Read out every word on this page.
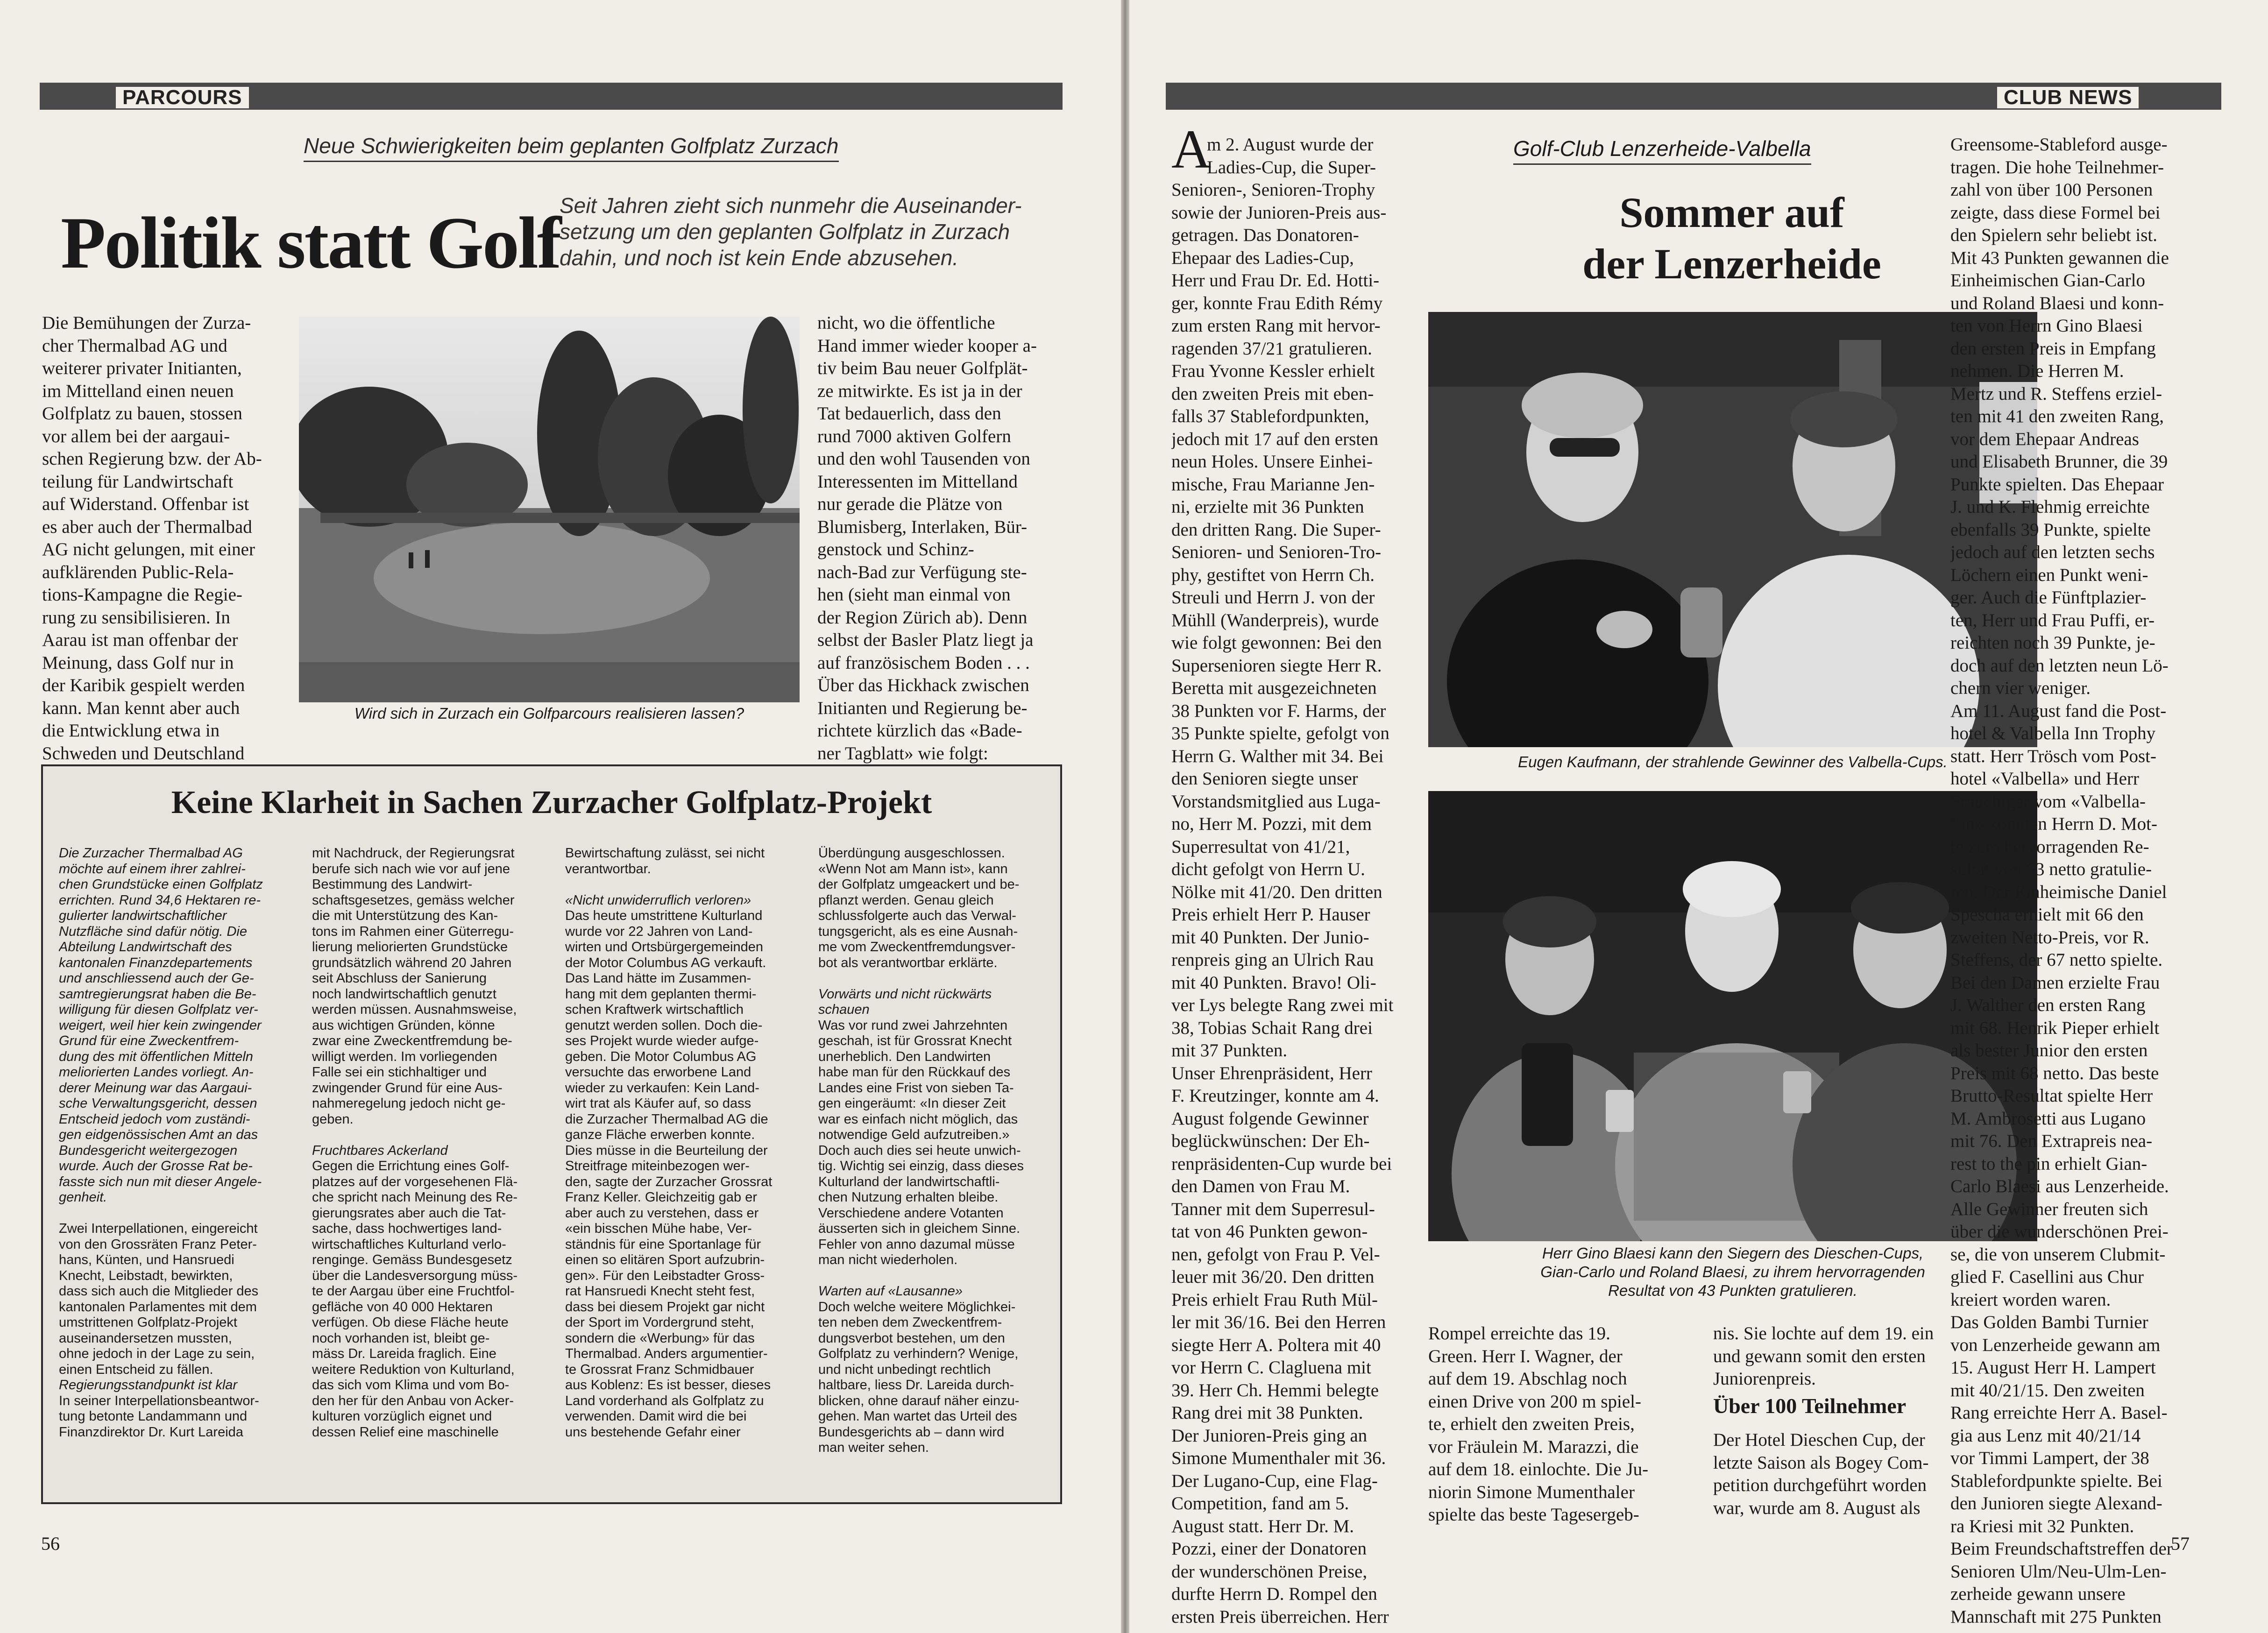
PARCOURS
Neue Schwierigkeiten beim geplanten Golfplatz Zurzach
Politik statt Golf
Seit Jahren zieht sich nunmehr die Auseinander-
setzung um den geplanten Golfplatz in Zurzach
dahin, und noch ist kein Ende abzusehen.
Die Bemühungen der Zurza-
cher Thermalbad AG und
weiterer privater Initianten,
im Mittelland einen neuen
Golfplatz zu bauen, stossen
vor allem bei der aargaui-
schen Regierung bzw. der Ab-
teilung für Landwirtschaft
auf Widerstand. Offenbar ist
es aber auch der Thermalbad
AG nicht gelungen, mit einer
aufklärenden Public-Rela-
tions-Kampagne die Regie-
rung zu sensibilisieren. In
Aarau ist man offenbar der
Meinung, dass Golf nur in
der Karibik gespielt werden
kann. Man kennt aber auch
die Entwicklung etwa in
Schweden und Deutschland
Wird sich in Zurzach ein Golfparcours realisieren lassen?
nicht, wo die öffentliche
Hand immer wieder kooper a-
tiv beim Bau neuer Golfplät-
ze mitwirkte. Es ist ja in der
Tat bedauerlich, dass den
rund 7000 aktiven Golfern
und den wohl Tausenden von
Interessenten im Mittelland
nur gerade die Plätze von
Blumisberg, Interlaken, Bür-
genstock und Schinz-
nach-Bad zur Verfügung ste-
hen (sieht man einmal von
der Region Zürich ab). Denn
selbst der Basler Platz liegt ja
auf französischem Boden . . .
Über das Hickhack zwischen
Initianten und Regierung be-
richtete kürzlich das «Bade-
ner Tagblatt» wie folgt:
Keine Klarheit in Sachen Zurzacher Golfplatz-Projekt
Die Zurzacher Thermalbad AG
möchte auf einem ihrer zahlrei-
chen Grundstücke einen Golfplatz
errichten. Rund 34,6 Hektaren re-
gulierter landwirtschaftlicher
Nutzfläche sind dafür nötig. Die
Abteilung Landwirtschaft des
kantonalen Finanzdepartements
und anschliessend auch der Ge-
samtregierungsrat haben die Be-
willigung für diesen Golfplatz ver-
weigert, weil hier kein zwingender
Grund für eine Zweckentfrem-
dung des mit öffentlichen Mitteln
meliorierten Landes vorliegt. An-
derer Meinung war das Aargaui-
sche Verwaltungsgericht, dessen
Entscheid jedoch vom zuständi-
gen eidgenössischen Amt an das
Bundesgericht weitergezogen
wurde. Auch der Grosse Rat be-
fasste sich nun mit dieser Angele-
genheit.
Zwei Interpellationen, eingereicht
von den Grossräten Franz Peter-
hans, Künten, und Hansruedi
Knecht, Leibstadt, bewirkten,
dass sich auch die Mitglieder des
kantonalen Parlamentes mit dem
umstrittenen Golfplatz-Projekt
auseinandersetzen mussten,
ohne jedoch in der Lage zu sein,
einen Entscheid zu fällen.
Regierungsstandpunkt ist klar
In seiner Interpellationsbeantwor-
tung betonte Landammann und
Finanzdirektor Dr. Kurt Lareida
mit Nachdruck, der Regierungsrat
berufe sich nach wie vor auf jene
Bestimmung des Landwirt-
schaftsgesetzes, gemäss welcher
die mit Unterstützung des Kan-
tons im Rahmen einer Güterregu-
lierung meliorierten Grundstücke
grundsätzlich während 20 Jahren
seit Abschluss der Sanierung
noch landwirtschaftlich genutzt
werden müssen. Ausnahmsweise,
aus wichtigen Gründen, könne
zwar eine Zweckentfremdung be-
willigt werden. Im vorliegenden
Falle sei ein stichhaltiger und
zwingender Grund für eine Aus-
nahmeregelung jedoch nicht ge-
geben.
Fruchtbares Ackerland
Gegen die Errichtung eines Golf-
platzes auf der vorgesehenen Flä-
che spricht nach Meinung des Re-
gierungsrates aber auch die Tat-
sache, dass hochwertiges land-
wirtschaftliches Kulturland verlo-
renginge. Gemäss Bundesgesetz
über die Landesversorgung müss-
te der Aargau über eine Fruchtfol-
gefläche von 40 000 Hektaren
verfügen. Ob diese Fläche heute
noch vorhanden ist, bleibt ge-
mäss Dr. Lareida fraglich. Eine
weitere Reduktion von Kulturland,
das sich vom Klima und vom Bo-
den her für den Anbau von Acker-
kulturen vorzüglich eignet und
dessen Relief eine maschinelle
Bewirtschaftung zulässt, sei nicht
verantwortbar.
«Nicht unwiderruflich verloren»
Das heute umstrittene Kulturland
wurde vor 22 Jahren von Land-
wirten und Ortsbürgergemeinden
der Motor Columbus AG verkauft.
Das Land hätte im Zusammen-
hang mit dem geplanten thermi-
schen Kraftwerk wirtschaftlich
genutzt werden sollen. Doch die-
ses Projekt wurde wieder aufge-
geben. Die Motor Columbus AG
versuchte das erworbene Land
wieder zu verkaufen: Kein Land-
wirt trat als Käufer auf, so dass
die Zurzacher Thermalbad AG die
ganze Fläche erwerben konnte.
Dies müsse in die Beurteilung der
Streitfrage miteinbezogen wer-
den, sagte der Zurzacher Grossrat
Franz Keller. Gleichzeitig gab er
aber auch zu verstehen, dass er
«ein bisschen Mühe habe, Ver-
ständnis für eine Sportanlage für
einen so elitären Sport aufzubrin-
gen». Für den Leibstadter Gross-
rat Hansruedi Knecht steht fest,
dass bei diesem Projekt gar nicht
der Sport im Vordergrund steht,
sondern die «Werbung» für das
Thermalbad. Anders argumentier-
te Grossrat Franz Schmidbauer
aus Koblenz: Es ist besser, dieses
Land vorderhand als Golfplatz zu
verwenden. Damit wird die bei
uns bestehende Gefahr einer
Überdüngung ausgeschlossen.
«Wenn Not am Mann ist», kann
der Golfplatz umgeackert und be-
pflanzt werden. Genau gleich
schlussfolgerte auch das Verwal-
tungsgericht, als es eine Ausnah-
me vom Zweckentfremdungsver-
bot als verantwortbar erklärte.
Vorwärts und nicht rückwärts
schauen
Was vor rund zwei Jahrzehnten
geschah, ist für Grossrat Knecht
unerheblich. Den Landwirten
habe man für den Rückkauf des
Landes eine Frist von sieben Ta-
gen eingeräumt: «In dieser Zeit
war es einfach nicht möglich, das
notwendige Geld aufzutreiben.»
Doch auch dies sei heute unwich-
tig. Wichtig sei einzig, dass dieses
Kulturland der landwirtschaftli-
chen Nutzung erhalten bleibe.
Verschiedene andere Votanten
äusserten sich in gleichem Sinne.
Fehler von anno dazumal müsse
man nicht wiederholen.
Warten auf «Lausanne»
Doch welche weitere Möglichkei-
ten neben dem Zweckentfrem-
dungsverbot bestehen, um den
Golfplatz zu verhindern? Wenige,
und nicht unbedingt rechtlich
haltbare, liess Dr. Lareida durch-
blicken, ohne darauf näher einzu-
gehen. Man wartet das Urteil des
Bundesgerichts ab – dann wird
man weiter sehen.
56
CLUB NEWS
A
m 2. August wurde der
Ladies-Cup, die Super-
Senioren-, Senioren-Trophy
sowie der Junioren-Preis aus-
getragen. Das Donatoren-
Ehepaar des Ladies-Cup,
Herr und Frau Dr. Ed. Hotti-
ger, konnte Frau Edith Rémy
zum ersten Rang mit hervor-
ragenden 37/21 gratulieren.
Frau Yvonne Kessler erhielt
den zweiten Preis mit eben-
falls 37 Stablefordpunkten,
jedoch mit 17 auf den ersten
neun Holes. Unsere Einhei-
mische, Frau Marianne Jen-
ni, erzielte mit 36 Punkten
den dritten Rang. Die Super-
Senioren- und Senioren-Tro-
phy, gestiftet von Herrn Ch.
Streuli und Herrn J. von der
Mühll (Wanderpreis), wurde
wie folgt gewonnen: Bei den
Supersenioren siegte Herr R.
Beretta mit ausgezeichneten
38 Punkten vor F. Harms, der
35 Punkte spielte, gefolgt von
Herrn G. Walther mit 34. Bei
den Senioren siegte unser
Vorstandsmitglied aus Luga-
no, Herr M. Pozzi, mit dem
Superresultat von 41/21,
dicht gefolgt von Herrn U.
Nölke mit 41/20. Den dritten
Preis erhielt Herr P. Hauser
mit 40 Punkten. Der Junio-
renpreis ging an Ulrich Rau
mit 40 Punkten. Bravo! Oli-
ver Lys belegte Rang zwei mit
38, Tobias Schait Rang drei
mit 37 Punkten.
Unser Ehrenpräsident, Herr
F. Kreutzinger, konnte am 4.
August folgende Gewinner
beglückwünschen: Der Eh-
renpräsidenten-Cup wurde bei
den Damen von Frau M.
Tanner mit dem Superresul-
tat von 46 Punkten gewon-
nen, gefolgt von Frau P. Vel-
leuer mit 36/20. Den dritten
Preis erhielt Frau Ruth Mül-
ler mit 36/16. Bei den Herren
siegte Herr A. Poltera mit 40
vor Herrn C. Clagluena mit
39. Herr Ch. Hemmi belegte
Rang drei mit 38 Punkten.
Der Junioren-Preis ging an
Simone Mumenthaler mit 36.
Der Lugano-Cup, eine Flag-
Competition, fand am 5.
August statt. Herr Dr. M.
Pozzi, einer der Donatoren
der wunderschönen Preise,
durfte Herrn D. Rompel den
ersten Preis überreichen. Herr
Golf-Club Lenzerheide-Valbella
Sommer auf
der Lenzerheide
Eugen Kaufmann, der strahlende Gewinner des Valbella-Cups.
Herr Gino Blaesi kann den Siegern des Dieschen-Cups,
Gian-Carlo und Roland Blaesi, zu ihrem hervorragenden
Resultat von 43 Punkten gratulieren.
Rompel erreichte das 19.
Green. Herr I. Wagner, der
auf dem 19. Abschlag noch
einen Drive von 200 m spiel-
te, erhielt den zweiten Preis,
vor Fräulein M. Marazzi, die
auf dem 18. einlochte. Die Ju-
niorin Simone Mumenthaler
spielte das beste Tagesergeb-
nis. Sie lochte auf dem 19. ein
und gewann somit den ersten
Juniorenpreis.
Über 100 Teilnehmer
Der Hotel Dieschen Cup, der
letzte Saison als Bogey Com-
petition durchgeführt worden
war, wurde am 8. August als
Greensome-Stableford ausge-
tragen. Die hohe Teilnehmer-
zahl von über 100 Personen
zeigte, dass diese Formel bei
den Spielern sehr beliebt ist.
Mit 43 Punkten gewannen die
Einheimischen Gian-Carlo
und Roland Blaesi und konn-
ten von Herrn Gino Blaesi
den ersten Preis in Empfang
nehmen. Die Herren M.
Mertz und R. Steffens erziel-
ten mit 41 den zweiten Rang,
vor dem Ehepaar Andreas
und Elisabeth Brunner, die 39
Punkte spielten. Das Ehepaar
J. und K. Flehmig erreichte
ebenfalls 39 Punkte, spielte
jedoch auf den letzten sechs
Löchern einen Punkt weni-
ger. Auch die Fünftplazier-
ten, Herr und Frau Puffi, er-
reichten noch 39 Punkte, je-
doch auf den letzten neun Lö-
chern vier weniger.
Am 11. August fand die Post-
hotel & Valbella Inn Trophy
statt. Herr Trösch vom Post-
hotel «Valbella» und Herr
Frauchiger vom «Valbella-
Inn» konnten Herrn D. Mot-
te zum hervorragenden Re-
sultat von 63 netto gratulie-
ren. Der Einheimische Daniel
Spescha erhielt mit 66 den
zweiten Netto-Preis, vor R.
Steffens, der 67 netto spielte.
Bei den Damen erzielte Frau
J. Walther den ersten Rang
mit 68. Henrik Pieper erhielt
als bester Junior den ersten
Preis mit 68 netto. Das beste
Brutto-Resultat spielte Herr
M. Ambrosetti aus Lugano
mit 76. Den Extrapreis nea-
rest to the pin erhielt Gian-
Carlo Blaesi aus Lenzerheide.
Alle Gewinner freuten sich
über die wunderschönen Prei-
se, die von unserem Clubmit-
glied F. Casellini aus Chur
kreiert worden waren.
Das Golden Bambi Turnier
von Lenzerheide gewann am
15. August Herr H. Lampert
mit 40/21/15. Den zweiten
Rang erreichte Herr A. Basel-
gia aus Lenz mit 40/21/14
vor Timmi Lampert, der 38
Stablefordpunkte spielte. Bei
den Junioren siegte Alexand-
ra Kriesi mit 32 Punkten.
Beim Freundschaftstreffen der
Senioren Ulm/Neu-Ulm-Len-
zerheide gewann unsere
Mannschaft mit 275 Punkten
57
